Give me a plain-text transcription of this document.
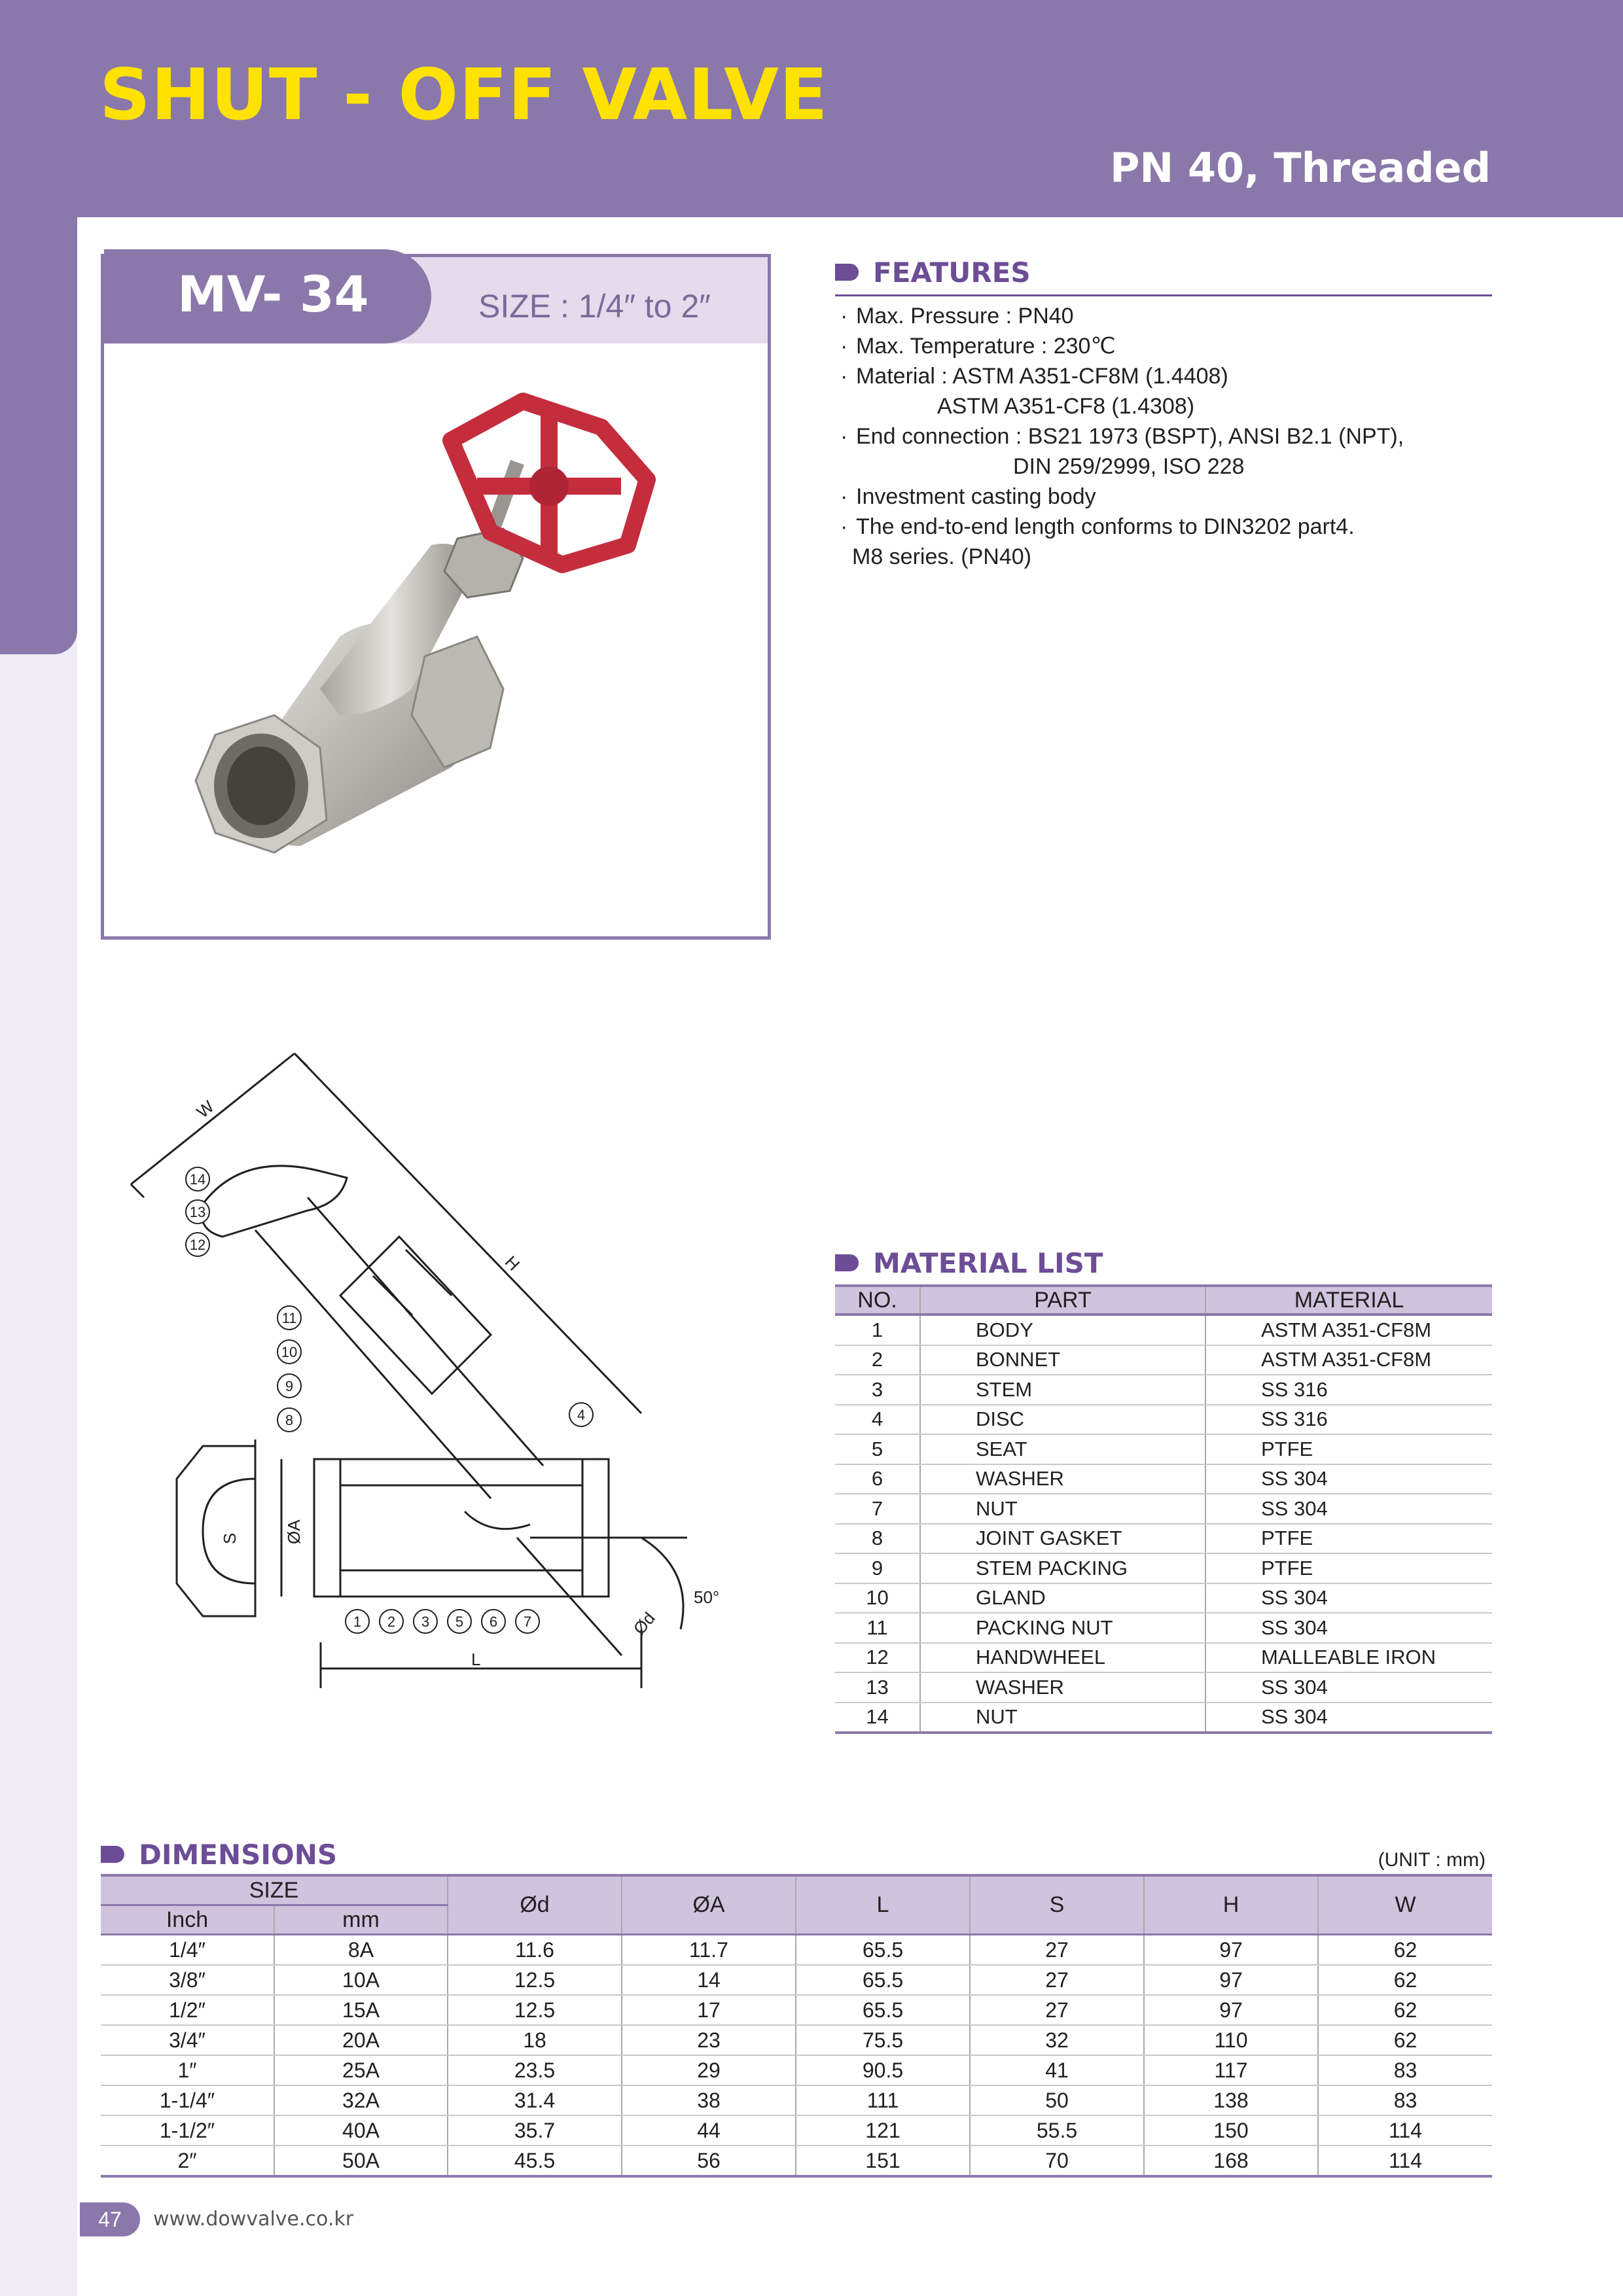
SHUT - OFF VALVE
PN 40, Threaded
MV- 34	SIZE : 1/4″ to 2″
FEATURES
· Max. Pressure : PN40
· Max. Temperature : 230℃
· Material : ASTM A351-CF8M (1.4408)
ASTM A351-CF8 (1.4308)
· End connection : BS21 1973 (BSPT), ANSI B2.1 (NPT),
DIN 259/2999, ISO 228
· Investment casting body
· The end-to-end length conforms to DIN3202 part4.
M8 series. (PN40)
W
H
S	ØA
Ød
L
50°
14
13
12
11
10
9
8	4
1 2 3 5 6 7
MATERIAL LIST
NO.	PART	MATERIAL
1	BODY	ASTM A351-CF8M
2	BONNET	ASTM A351-CF8M
3	STEM	SS 316
4	DISC	SS 316
5	SEAT	PTFE
6	WASHER	SS 304
7	NUT	SS 304
8	JOINT GASKET	PTFE
9	STEM PACKING	PTFE
10	GLAND	SS 304
11	PACKING NUT	SS 304
12	HANDWHEEL	MALLEABLE IRON
13	WASHER	SS 304
14	NUT	SS 304
DIMENSIONS	(UNIT : mm)
SIZE		Ød	ØA	L	S	H	W
Inch	mm						
1/4″	8A	11.6	11.7	65.5	27	97	62
3/8″	10A	12.5	14	65.5	27	97	62
1/2″	15A	12.5	17	65.5	27	97	62
3/4″	20A	18	23	75.5	32	110	62
1″	25A	23.5	29	90.5	41	117	83
1-1/4″	32A	31.4	38	111	50	138	83
1-1/2″	40A	35.7	44	121	55.5	150	114
2″	50A	45.5	56	151	70	168	114
47	www.dowvalve.co.kr
